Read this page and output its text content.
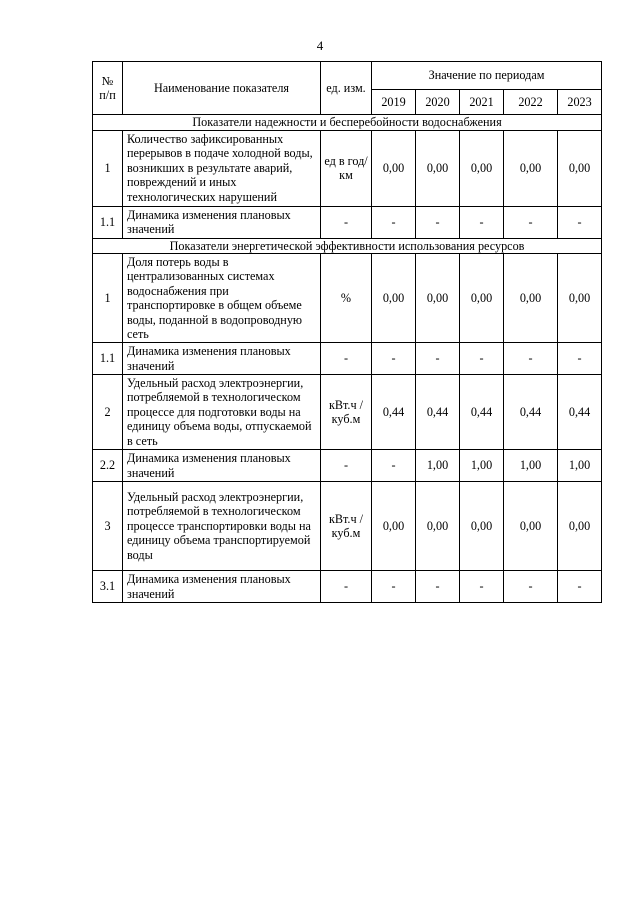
4
№ п/п	Наименование показателя	ед. изм.	Значение по периодам				
			2019	2020	2021	2022	2023
Показатели надежности и бесперебойности водоснабжения							
1	Количество зафиксированных перерывов в подаче холодной воды, возникших в результате аварий, повреждений и иных технологических нарушений	ед в год/ км	0,00	0,00	0,00	0,00	0,00
1.1	Динамика изменения плановых значений	-	-	-	-	-	-
Показатели энергетической эффективности использования ресурсов							
1	Доля потерь воды в централизованных системах водоснабжения при транспортировке в общем объеме воды, поданной в водопроводную сеть	%	0,00	0,00	0,00	0,00	0,00
1.1	Динамика изменения плановых значений	-	-	-	-	-	-
2	Удельный расход электроэнергии, потребляемой в технологическом процессе для подготовки воды на единицу объема воды, отпускаемой в сеть	кВт.ч / куб.м	0,44	0,44	0,44	0,44	0,44
2.2	Динамика изменения плановых значений	-	-	1,00	1,00	1,00	1,00
3	Удельный расход электроэнергии, потребляемой в технологическом процессе транспортировки воды на единицу объема транспортируемой воды	кВт.ч / куб.м	0,00	0,00	0,00	0,00	0,00
3.1	Динамика изменения плановых значений	-	-	-	-	-	-
